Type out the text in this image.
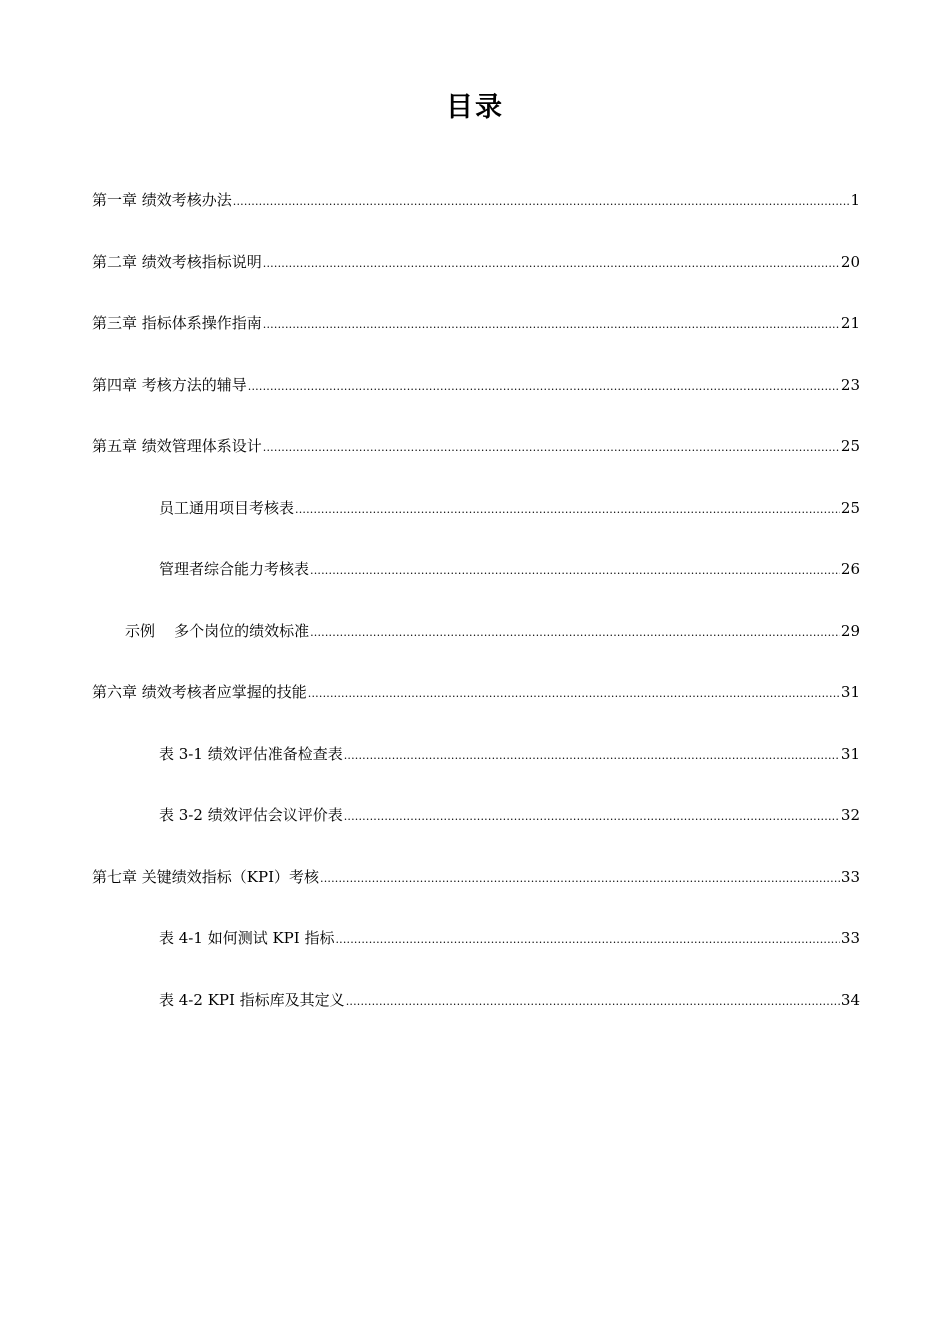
目录
第一章 绩效考核办法 .....	1
第二章 绩效考核指标说明 .....	20
第三章 指标体系操作指南 .....	21
第四章 考核方法的辅导 .....	23
第五章 绩效管理体系设计 .....	25
员工通用项目考核表 .....	25
管理者综合能力考核表 .....	26
示例    多个岗位的绩效标准 .....	29
第六章 绩效考核者应掌握的技能 .....	31
表 3-1 绩效评估准备检查表 .....	31
表 3-2 绩效评估会议评价表 .....	32
第七章 关键绩效指标（KPI）考核 .....	33
表 4-1 如何测试 KPI 指标 .....	33
表 4-2 KPI 指标库及其定义 .....	34
